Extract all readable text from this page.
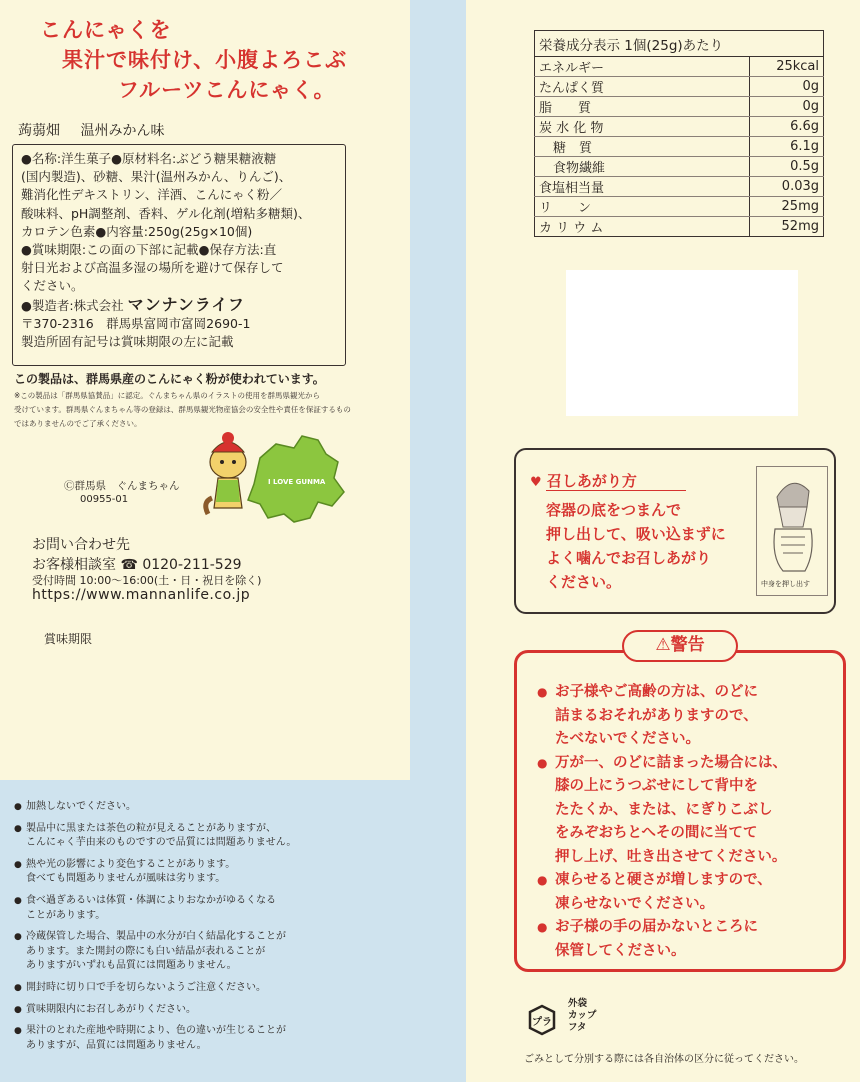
こんにゃくを
果汁で味付け、小腹よろこぶ
フルーツこんにゃく。
蒟蒻畑 温州みかん味
●名称:洋生菓子●原材料名:ぶどう糖果糖液糖
(国内製造)、砂糖、果汁(温州みかん、りんご)、
難消化性デキストリン、洋酒、こんにゃく粉／
酸味料、pH調整剤、香料、ゲル化剤(増粘多糖類)、
カロテン色素●内容量:250g(25g×10個)
●賞味期限:この面の下部に記載●保存方法:直
射日光および高温多湿の場所を避けて保存して
ください。
●製造者:株式会社 マンナンライフ
〒370-2316　群馬県富岡市富岡2690-1
製造所固有記号は賞味期限の左に記載
この製品は、群馬県産のこんにゃく粉が使われています。
※この製品は「群馬県協賛品」に認定。ぐんまちゃん県のイラストの使用を群馬県観光から
受けています。群馬県ぐんまちゃん等の登録は、群馬県観光物産協会の安全性や責任を保証するもの
ではありませんのでご了承ください。
I LOVE GUNMA
Ⓒ群馬県　ぐんまちゃん
00955-01
お問い合わせ先
お客様相談室 ☎ 0120-211-529
受付時間 10:00〜16:00(土・日・祝日を除く)
https://www.mannanlife.co.jp
賞味期限
● 加熱しないでください。
● 製品中に黒または茶色の粒が見えることがありますが、
こんにゃく芋由来のものですので品質には問題ありません。
● 熱や光の影響により変色することがあります。
食べても問題ありませんが風味は劣ります。
● 食べ過ぎあるいは体質・体調によりおなかがゆるくなる
ことがあります。
● 冷蔵保管した場合、製品中の水分が白く結晶化することが
あります。また開封の際にも白い結晶が表れることが
ありますがいずれも品質には問題ありません。
● 開封時に切り口で手を切らないようご注意ください。
● 賞味期限内にお召しあがりください。
● 果汁のとれた産地や時期により、色の違いが生じることが
ありますが、品質には問題ありません。
栄養成分表示 1個(25g)あたり	
エネルギー	25kcal
たんぱく質	0g
脂　　質	0g
炭 水 化 物	6.6g
糖　質	6.1g
食物繊維	0.5g
食塩相当量	0.03g
リ　　ン	25mg
カ リ ウ ム	52mg
♥ 召しあがり方
容器の底をつまんで
押し出して、吸い込まずに
よく噛んでお召しあがり
ください。	中身を押し出す
● お子様やご高齢の方は、のどに
詰まるおそれがありますので、
たべないでください。
● 万が一、のどに詰まった場合には、
膝の上にうつぶせにして背中を
たたくか、または、にぎりこぶし
をみぞおちとへその間に当てて
押し上げ、吐き出させてください。
● 凍らせると硬さが増しますので、
凍らせないでください。
● お子様の手の届かないところに
保管してください。
⚠警告
プラ
外袋
カップ
フタ
ごみとして分別する際には各自治体の区分に従ってください。
